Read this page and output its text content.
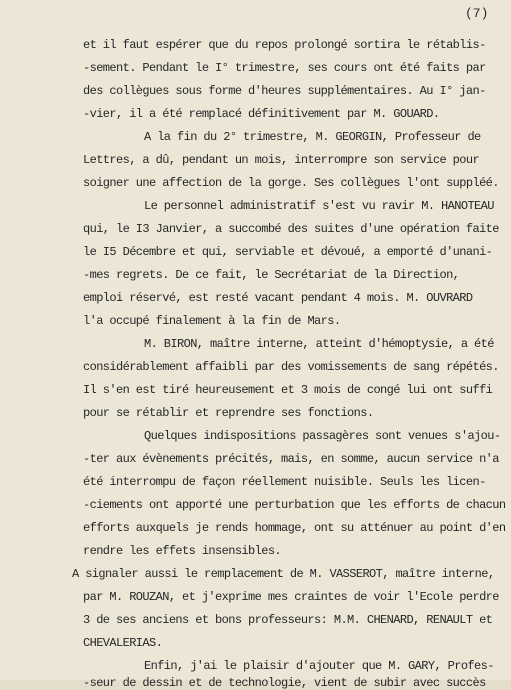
(7)
et il faut espérer que du repos prolongé sortira le rétablis-
-sement. Pendant le I° trimestre, ses cours ont été faits par
des collègues sous forme d'heures supplémentaires. Au I° jan-
-vier, il a été remplacé définitivement par M. GOUARD.
A la fin du 2° trimestre, M. GEORGIN, Professeur de
Lettres, a dû, pendant un mois, interrompre son service pour
soigner une affection de la gorge. Ses collègues l'ont suppléé.
Le personnel administratif s'est vu ravir M. HANOTEAU
qui, le I3 Janvier, a succombé des suites d'une opération faite
le I5 Décembre et qui, serviable et dévoué, a emporté d'unani-
-mes regrets. De ce fait, le Secrétariat de la Direction,
emploi réservé, est resté vacant pendant 4 mois. M. OUVRARD
l'a occupé finalement à la fin de Mars.
M. BIRON, maître interne, atteint d'hémoptysie, a été
considérablement affaibli par des vomissements de sang répétés.
Il s'en est tiré heureusement et 3 mois de congé lui ont suffi
pour se rétablir et reprendre ses fonctions.
Quelques indispositions passagères sont venues s'ajou-
-ter aux évènements précités, mais, en somme, aucun service n'a
été interrompu de façon réellement nuisible. Seuls les licen-
-ciements ont apporté une perturbation que les efforts de chacun
efforts auxquels je rends hommage, ont su atténuer au point d'en
rendre les effets insensibles.
A signaler aussi le remplacement de M. VASSEROT, maître interne,
par M. ROUZAN, et j'exprime mes craintes de voir l'Ecole perdre
3 de ses anciens et bons professeurs: M.M. CHENARD, RENAULT et
CHEVALERIAS.
Enfin, j'ai le plaisir d'ajouter que M. GARY, Profes-
-seur de dessin et de technologie, vient de subir avec succès
